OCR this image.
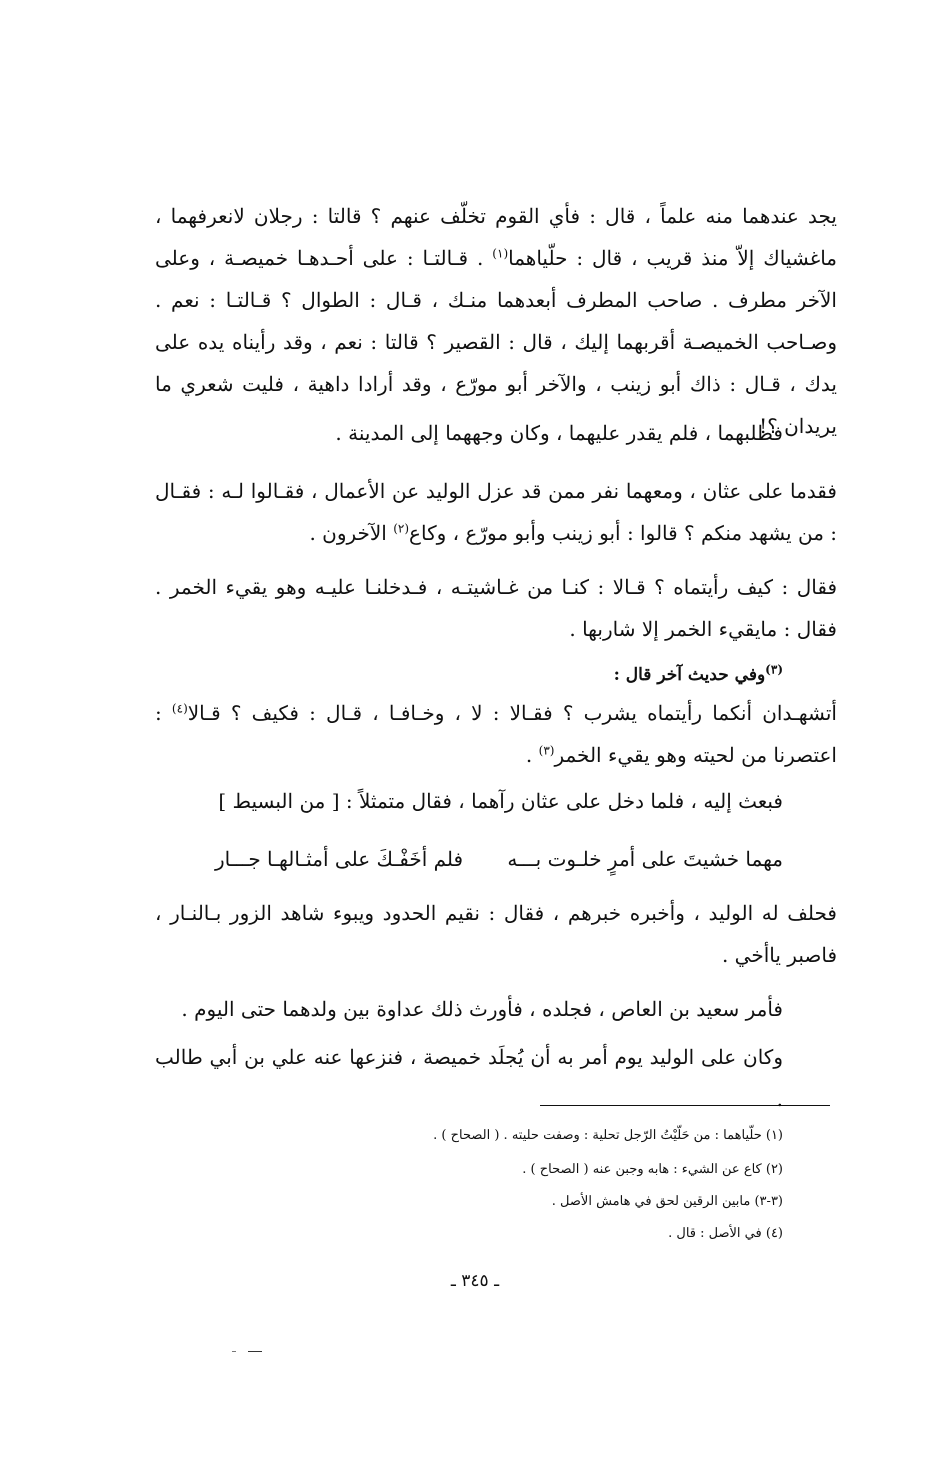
يجد عندهما منه علماً ، قال : فأي القوم تخلّف عنهم ؟ قالتا : رجلان لانعرفهما ، ماغشياك إلاّ منذ قريب ، قال : حلّياهما$^{(١)}$ . قـالتـا : على أحـدهـا خميصـة ، وعلى الآخر مطرف . صاحب المطرف أبعدهما منـك ، قـال : الطوال ؟ قـالتـا : نعم . وصـاحب الخميصـة أقربهما إليك ، قال : القصير ؟ قالتا : نعم ، وقد رأيناه يده على يدك ، قـال : ذاك أبو زينب ، والآخر أبو مورّع ، وقد أرادا داهية ، فليت شعري ما يريدان ؟!
فطلبهما ، فلم يقدر عليهما ، وكان وجههما إلى المدينة .
فقدما على عثان ، ومعهما نفر ممن قد عزل الوليد عن الأعمال ، فقـالوا لـه : فقـال : من يشهد منكم ؟ قالوا : أبو زينب وأبو مورّع ، وكاع$^{(٢)}$ الآخرون .
فقال : كيف رأيتماه ؟ قـالا : كنـا من غـاشيتـه ، فـدخلنـا عليـه وهو يقيء الخمر . فقال : مايقيء الخمر إلا شاربها .
$^{(٣)}$وفي حديث آخر قال :
أتشهـدان أنكما رأيتماه يشرب ؟ فقـالا : لا ، وخـافـا ، قـال : فكيف ؟ قـالا$^{(٤)}$ : اعتصرنا من لحيته وهو يقيء الخمر$^{(٣)}$ .
فبعث إليه ، فلما دخل على عثان رآهما ، فقال متمثلاً : [ من البسيط ]
مهما خشيتَ على أمرٍ خلـوت بـــه
فلم أخَفْـكَ على أمثـالهـا جـــار
فحلف له الوليد ، وأخبره خبرهم ، فقال : نقيم الحدود ويبوء شاهد الزور بـالنـار ، فاصبر ياأخي .
فأمر سعيد بن العاص ، فجلده ، فأورث ذلك عداوة بين ولدهما حتى اليوم .
وكان على الوليد يوم أمر به أن يُجلَد خميصة ، فنزعها عنه علي بن أبي طالب .
(١) حلّياهما : من حَلّيْتُ الرّجل تحلية : وصفت حليته . ( الصحاح ) .
(٢) كاع عن الشيء : هابه وجبن عنه ( الصحاح ) .
(٣-٣) مابين الرقين لحق في هامش الأصل .
(٤) في الأصل : قال .
ـ ٣٤٥ ـ
